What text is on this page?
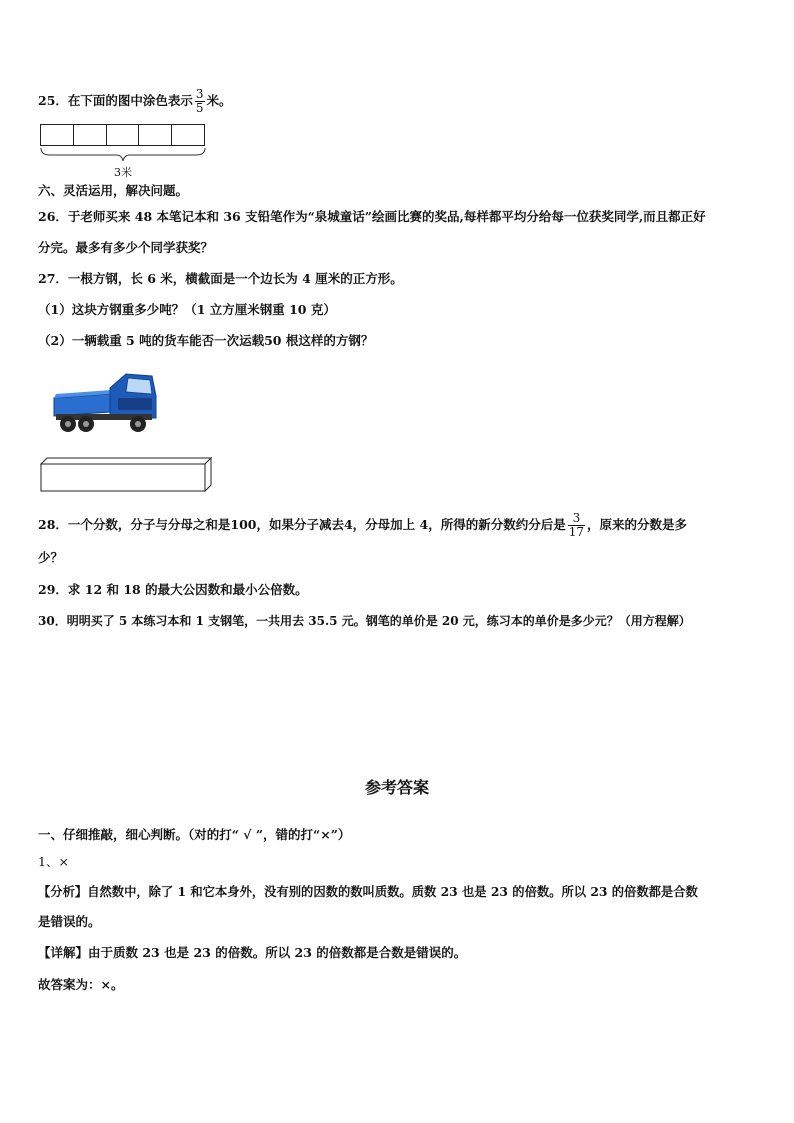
25．在下面的图中涂色表示 $\frac{3}{5}$ 米。
3米
六、灵活运用，解决问题。
26．于老师买来 48 本笔记本和 36 支铅笔作为“泉城童话”绘画比赛的奖品,每样都平均分给每一位获奖同学,而且都正好
分完。最多有多少个同学获奖？
27．一根方钢，长 6 米，横截面是一个边长为 4 厘米的正方形。
（1）这块方钢重多少吨？（1 立方厘米钢重 10 克）
（2）一辆载重 5 吨的货车能否一次运载50 根这样的方钢？
28．一个分数，分子与分母之和是100，如果分子减去4，分母加上 4，所得的新分数约分后是 $\frac{3}{17}$ ，原来的分数是多
少？
29．求 12 和 18 的最大公因数和最小公倍数。
30．明明买了 5 本练习本和 1 支钢笔，一共用去 35.5 元。钢笔的单价是 20 元，练习本的单价是多少元？（用方程解）
参考答案
一、仔细推敲，细心判断。（对的打“ √ ”，错的打“×”）
1、×
【分析】自然数中，除了 1 和它本身外，没有别的因数的数叫质数。质数 23 也是 23 的倍数。所以 23 的倍数都是合数
是错误的。
【详解】由于质数 23 也是 23 的倍数。所以 23 的倍数都是合数是错误的。
故答案为：×。
